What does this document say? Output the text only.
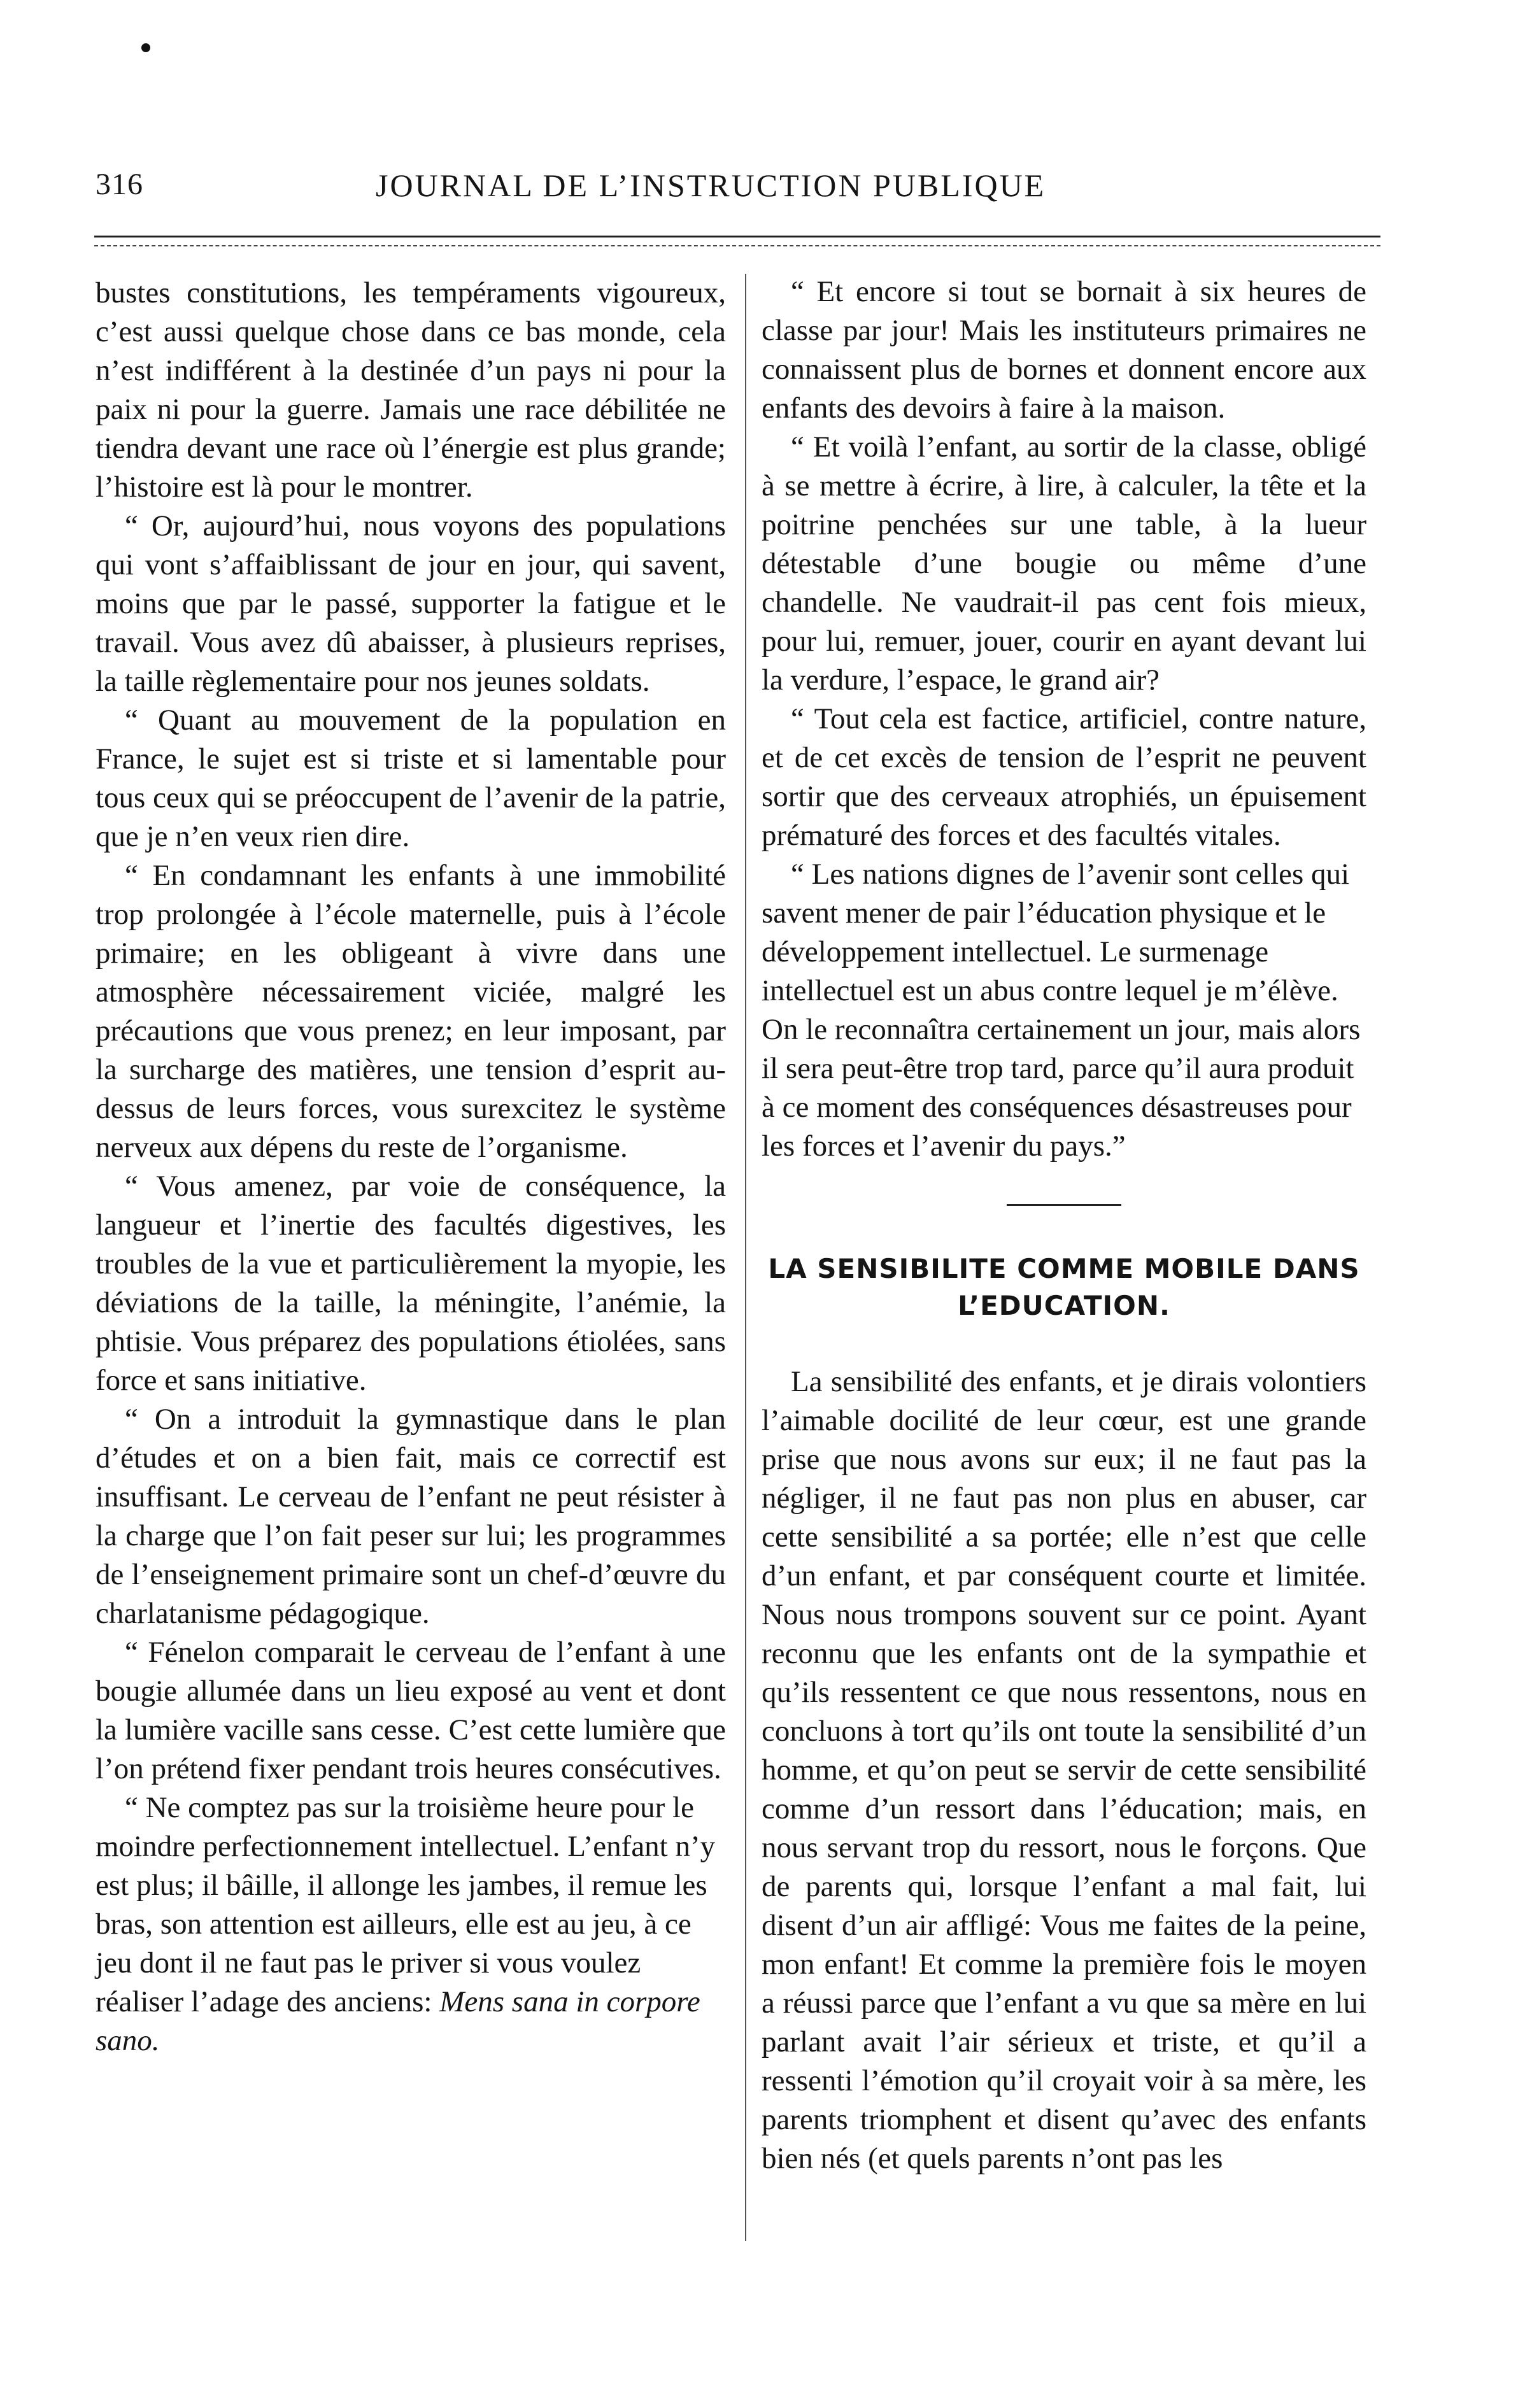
316	JOURNAL DE L’INSTRUCTION PUBLIQUE

bustes constitutions, les tempéraments vigoureux, c’est aussi quelque chose dans ce bas monde, cela n’est indifférent à la destinée d’un pays ni pour la paix ni pour la guerre. Jamais une race débilitée ne tiendra devant une race où l’énergie est plus grande; l’histoire est là pour le montrer.

“ Or, aujourd’hui, nous voyons des populations qui vont s’affaiblissant de jour en jour, qui savent, moins que par le passé, supporter la fatigue et le travail. Vous avez dû abaisser, à plusieurs reprises, la taille règlementaire pour nos jeunes soldats.

“ Quant au mouvement de la population en France, le sujet est si triste et si lamentable pour tous ceux qui se préoccupent de l’avenir de la patrie, que je n’en veux rien dire.

“ En condamnant les enfants à une immobilité trop prolongée à l’école maternelle, puis à l’école primaire; en les obligeant à vivre dans une atmosphère nécessairement viciée, malgré les précautions que vous prenez; en leur imposant, par la surcharge des matières, une tension d’esprit au-dessus de leurs forces, vous surexcitez le système nerveux aux dépens du reste de l’organisme.

“ Vous amenez, par voie de conséquence, la langueur et l’inertie des facultés digestives, les troubles de la vue et particulièrement la myopie, les déviations de la taille, la méningite, l’anémie, la phtisie. Vous préparez des populations étiolées, sans force et sans initiative.

“ On a introduit la gymnastique dans le plan d’études et on a bien fait, mais ce correctif est insuffisant. Le cerveau de l’enfant ne peut résister à la charge que l’on fait peser sur lui; les programmes de l’enseignement primaire sont un chef-d’œuvre du charlatanisme pédagogique.

“ Fénelon comparait le cerveau de l’enfant à une bougie allumée dans un lieu exposé au vent et dont la lumière vacille sans cesse. C’est cette lumière que l’on prétend fixer pendant trois heures consécutives.

“ Ne comptez pas sur la troisième heure pour le moindre perfectionnement intellectuel. L’enfant n’y est plus; il bâille, il allonge les jambes, il remue les bras, son attention est ailleurs, elle est au jeu, à ce jeu dont il ne faut pas le priver si vous voulez réaliser l’adage des anciens: Mens sana in corpore sano.

“ Et encore si tout se bornait à six heures de classe par jour! Mais les instituteurs primaires ne connaissent plus de bornes et donnent encore aux enfants des devoirs à faire à la maison.

“ Et voilà l’enfant, au sortir de la classe, obligé à se mettre à écrire, à lire, à calculer, la tête et la poitrine penchées sur une table, à la lueur détestable d’une bougie ou même d’une chandelle. Ne vaudrait-il pas cent fois mieux, pour lui, remuer, jouer, courir en ayant devant lui la verdure, l’espace, le grand air?

“ Tout cela est factice, artificiel, contre nature, et de cet excès de tension de l’esprit ne peuvent sortir que des cerveaux atrophiés, un épuisement prématuré des forces et des facultés vitales.

“ Les nations dignes de l’avenir sont celles qui savent mener de pair l’éducation physique et le développement intellectuel. Le surmenage intellectuel est un abus contre lequel je m’élève. On le reconnaîtra certainement un jour, mais alors il sera peut-être trop tard, parce qu’il aura produit à ce moment des conséquences désastreuses pour les forces et l’avenir du pays.”

LA SENSIBILITE COMME MOBILE DANS
L’EDUCATION.

La sensibilité des enfants, et je dirais volontiers l’aimable docilité de leur cœur, est une grande prise que nous avons sur eux; il ne faut pas la négliger, il ne faut pas non plus en abuser, car cette sensibilité a sa portée; elle n’est que celle d’un enfant, et par conséquent courte et limitée. Nous nous trompons souvent sur ce point. Ayant reconnu que les enfants ont de la sympathie et qu’ils ressentent ce que nous ressentons, nous en concluons à tort qu’ils ont toute la sensibilité d’un homme, et qu’on peut se servir de cette sensibilité comme d’un ressort dans l’éducation; mais, en nous servant trop du ressort, nous le forçons. Que de parents qui, lorsque l’enfant a mal fait, lui disent d’un air affligé: Vous me faites de la peine, mon enfant! Et comme la première fois le moyen a réussi parce que l’enfant a vu que sa mère en lui parlant avait l’air sérieux et triste, et qu’il a ressenti l’émotion qu’il croyait voir à sa mère, les parents triomphent et disent qu’avec des enfants bien nés (et quels parents n’ont pas les
